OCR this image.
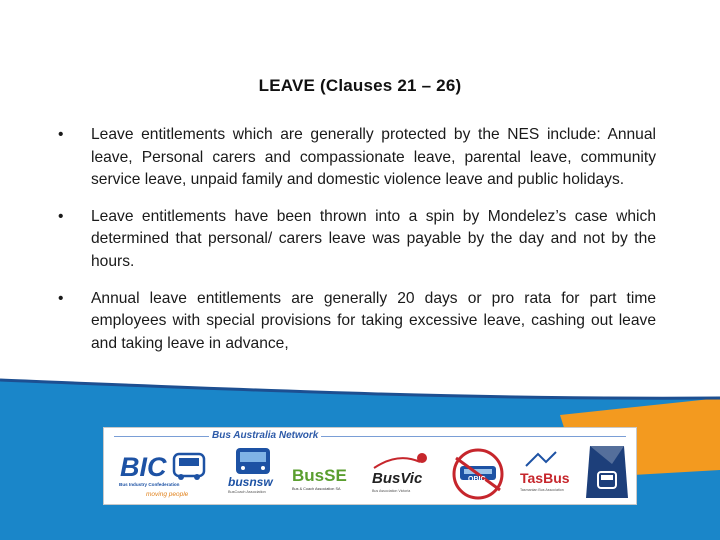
LEAVE (Clauses 21 – 26)
• Leave entitlements which are generally protected by the NES include: Annual leave, Personal carers and compassionate leave, parental leave, community service leave, unpaid family and domestic violence leave and public holidays.
• Leave entitlements have been thrown into a spin by Mondelez’s case which determined that personal/ carers leave was payable by the day and not by the hours.
• Annual leave entitlements are generally 20 days or pro rata for part time employees with special provisions for taking excessive leave, cashing out leave and taking leave in advance,
Bus Australia Network
BIC
Bus Industry Confederation
moving people
busnsw
BusCoach Association
BusSE
Bus & Coach Association SA
BusVic
Bus Association Victoria
QBIC TasBus
Tasmanian Bus Association
